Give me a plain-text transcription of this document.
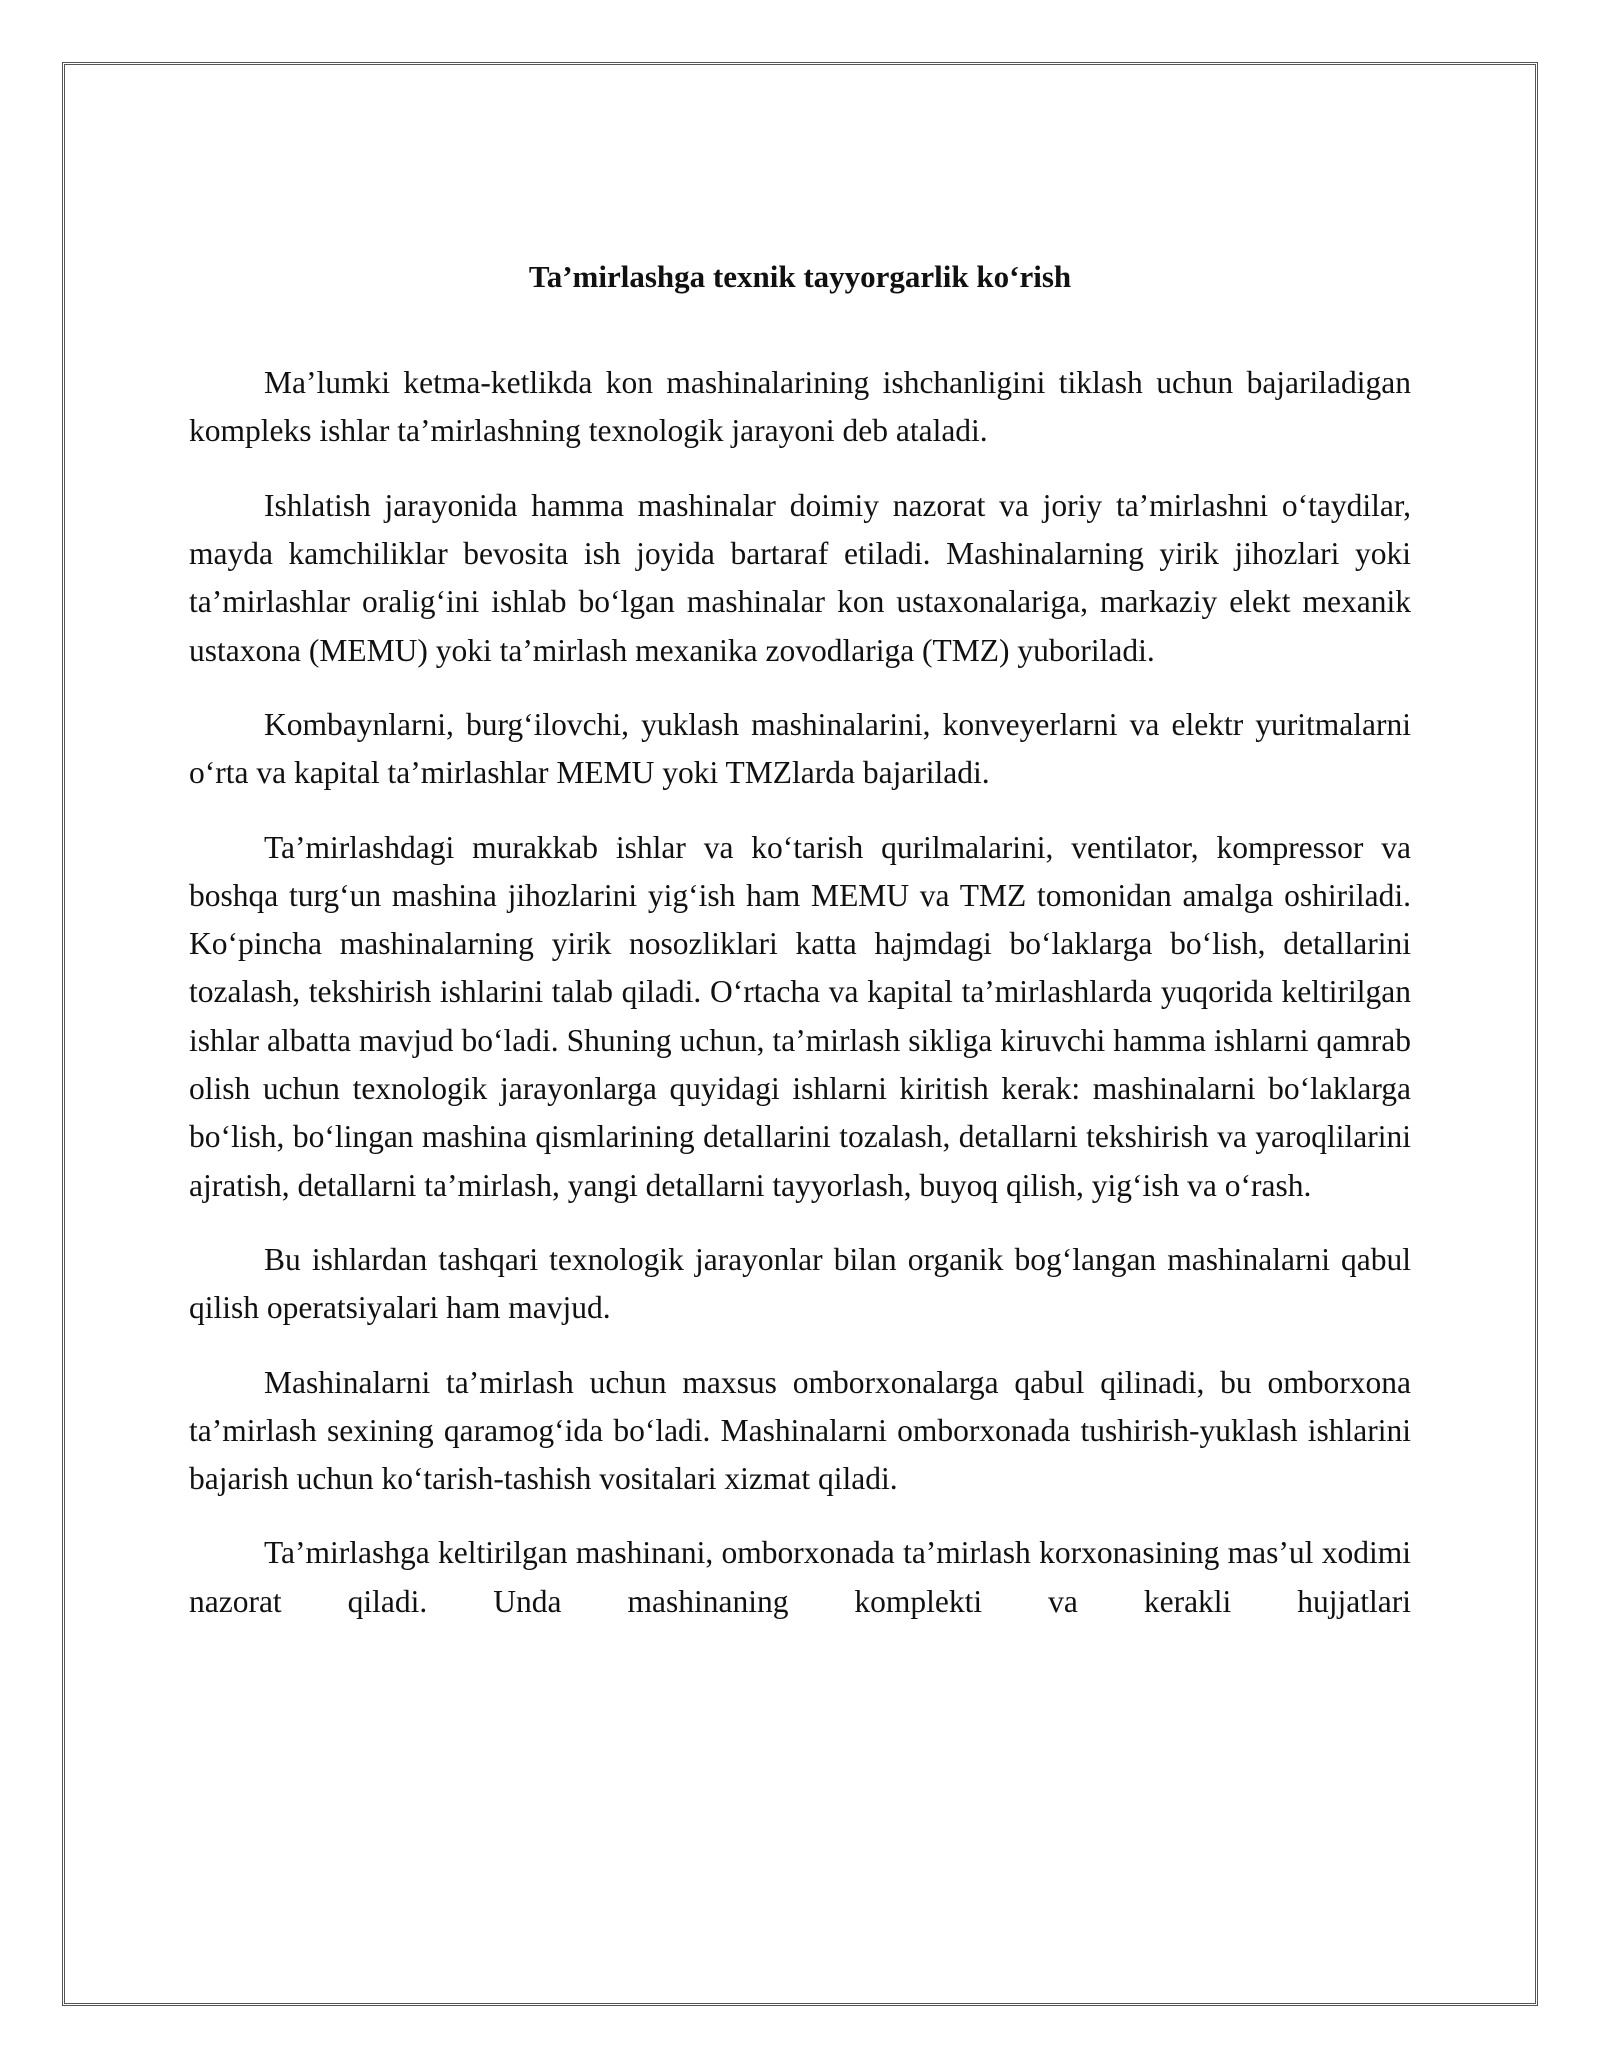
Ta’mirlashga texnik tayyorgarlik ko‘rish

Ma’lumki ketma-ketlikda kon mashinalarining ishchanligini tiklash uchun bajariladigan kompleks ishlar ta’mirlashning texnologik jarayoni deb ataladi.

Ishlatish jarayonida hamma mashinalar doimiy nazorat va joriy ta’mirlashni o‘taydilar, mayda kamchiliklar bevosita ish joyida bartaraf etiladi. Mashinalarning yirik jihozlari yoki ta’mirlashlar oralig‘ini ishlab bo‘lgan mashinalar kon ustaxonalariga, markaziy elekt mexanik ustaxona (MEMU) yoki ta’mirlash mexanika zovodlariga (TMZ) yuboriladi.

Kombaynlarni, burg‘ilovchi, yuklash mashinalarini, konveyerlarni va elektr yuritmalarni o‘rta va kapital ta’mirlashlar MEMU yoki TMZlarda bajariladi.

Ta’mirlashdagi murakkab ishlar va ko‘tarish qurilmalarini, ventilator, kompressor va boshqa turg‘un mashina jihozlarini yig‘ish ham MEMU va TMZ tomonidan amalga oshiriladi. Ko‘pincha mashinalarning yirik nosozliklari katta hajmdagi bo‘laklarga bo‘lish, detallarini tozalash, tekshirish ishlarini talab qiladi. O‘rtacha va kapital ta’mirlashlarda yuqorida keltirilgan ishlar albatta mavjud bo‘ladi. Shuning uchun, ta’mirlash sikliga kiruvchi hamma ishlarni qamrab olish uchun texnologik jarayonlarga quyidagi ishlarni kiritish kerak: mashinalarni bo‘laklarga bo‘lish, bo‘lingan mashina qismlarining detallarini tozalash, detallarni tekshirish va yaroqlilarini ajratish, detallarni ta’mirlash, yangi detallarni tayyorlash, buyoq qilish, yig‘ish va o‘rash.

Bu ishlardan tashqari texnologik jarayonlar bilan organik bog‘langan mashinalarni qabul qilish operatsiyalari ham mavjud.

Mashinalarni ta’mirlash uchun maxsus omborxonalarga qabul qilinadi, bu omborxona ta’mirlash sexining qaramog‘ida bo‘ladi. Mashinalarni omborxonada tushirish-yuklash ishlarini bajarish uchun ko‘tarish-tashish vositalari xizmat qiladi.

Ta’mirlashga keltirilgan mashinani, omborxonada ta’mirlash korxonasining mas’ul xodimi nazorat qiladi. Unda mashinaning komplekti va kerakli hujjatlari
